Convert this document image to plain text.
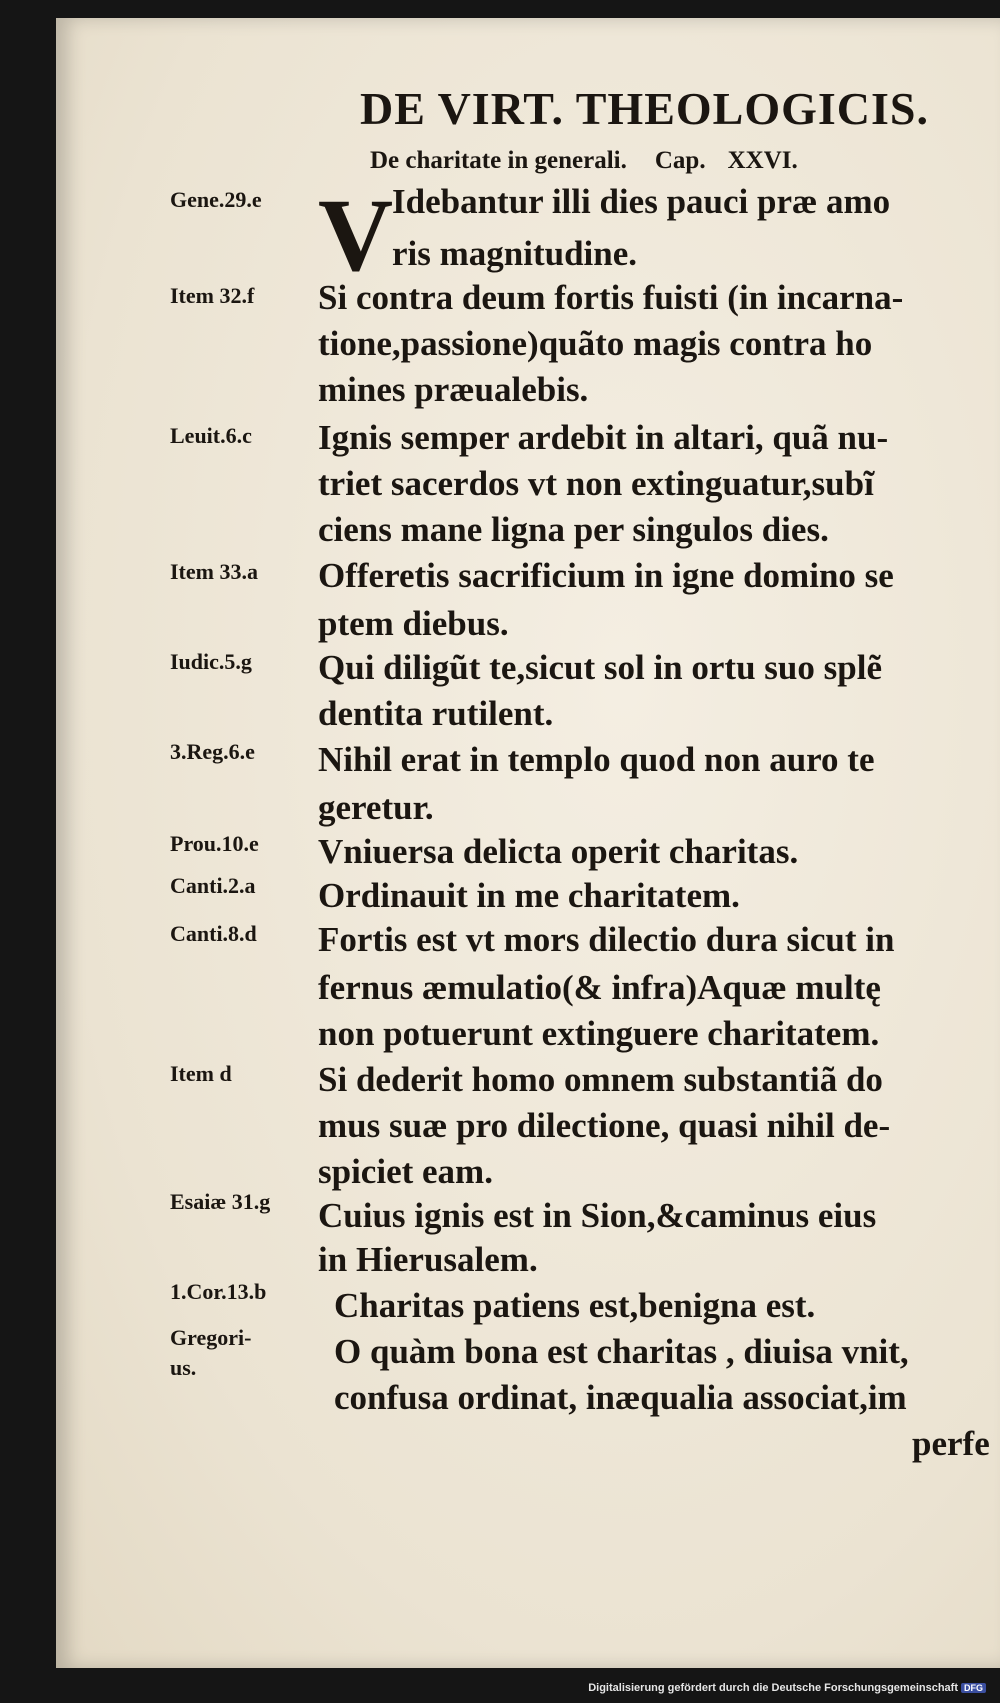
DE VIRT. THEOLOGICIS.
De charitate in generali. Cap. XXVI.
Gene.29.e
Item 32.f
Leuit.6.c
Item 33.a
Iudic.5.g
3.Reg.6.e
Prou.10.e
Canti.2.a
Canti.8.d
Item d
Esaiæ 31.g
1.Cor.13.b
Gregori-
us.
V
Idebantur illi dies pauci præ amo
ris magnitudine.
Si contra deum fortis fuisti (in incarna-
tione,passione)quãto magis contra ho
mines præualebis.
Ignis semper ardebit in altari, quã nu-
triet sacerdos vt non extinguatur,subĩ
ciens mane ligna per singulos dies.
Offeretis sacrificium in igne domino se
ptem diebus.
Qui diligũt te,sicut sol in ortu suo splẽ
dentita rutilent.
Nihil erat in templo quod non auro te
geretur.
Vniuersa delicta operit charitas.
Ordinauit in me charitatem.
Fortis est vt mors dilectio dura sicut in
fernus æmulatio(& infra)Aquæ multę
non potuerunt extinguere charitatem.
Si dederit homo omnem substantiã do
mus suæ pro dilectione, quasi nihil de-
spiciet eam.
Cuius ignis est in Sion,&caminus eius
in Hierusalem.
Charitas patiens est,benigna est.
O quàm bona est charitas , diuisa vnit,
confusa ordinat, inæqualia associat,im
perfe
Digitalisierung gefördert durch die Deutsche Forschungsgemeinschaft DFG
